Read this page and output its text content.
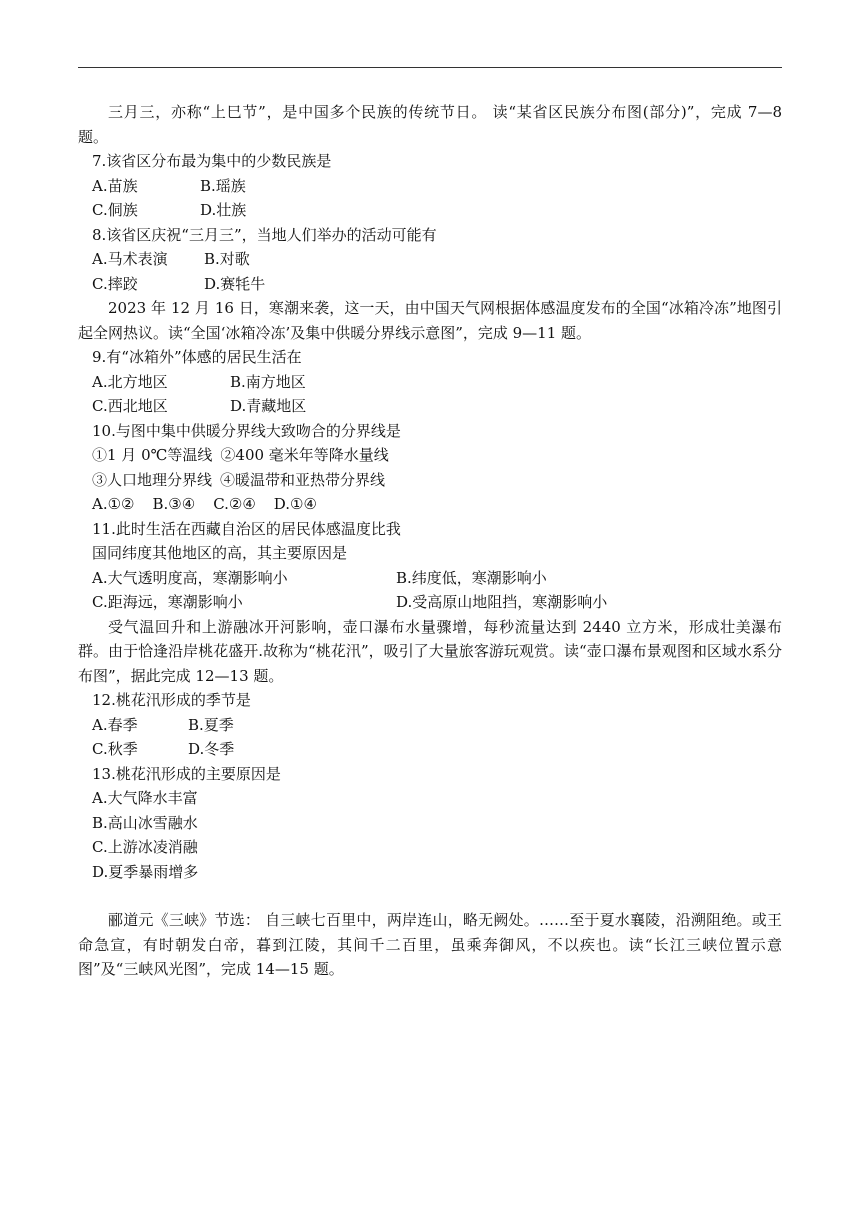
三月三，亦称“上巳节”，是中国多个民族的传统节日。 读“某省区民族分布图(部分)”，完成 7—8 题。
7.该省区分布最为集中的少数民族是
A.苗族	B.瑶族
C.侗族	D.壮族
8.该省区庆祝“三月三”，当地人们举办的活动可能有
A.马术表演	B.对歌
C.摔跤	D.赛牦牛
2023 年 12 月 16 日，寒潮来袭，这一天，由中国天气网根据体感温度发布的全国“冰箱冷冻”地图引起全网热议。读“全国‘冰箱冷冻’及集中供暖分界线示意图”，完成 9—11 题。
9.有“冰箱外”体感的居民生活在
A.北方地区	B.南方地区
C.西北地区	D.青藏地区
10.与图中集中供暖分界线大致吻合的分界线是
①1 月 0℃等温线 ②400 毫米年等降水量线
③人口地理分界线 ④暖温带和亚热带分界线
A.①② B.③④ C.②④ D.①④
11.此时生活在西藏自治区的居民体感温度比我
国同纬度其他地区的高，其主要原因是
A.大气透明度高，寒潮影响小	B.纬度低，寒潮影响小
C.距海远，寒潮影响小	D.受高原山地阻挡，寒潮影响小
受气温回升和上游融冰开河影响，壶口瀑布水量骤增，每秒流量达到 2440 立方米，形成壮美瀑布群。由于恰逢沿岸桃花盛开.故称为“桃花汛”，吸引了大量旅客游玩观赏。读“壶口瀑布景观图和区域水系分布图”，据此完成 12—13 题。
12.桃花汛形成的季节是
A.春季	B.夏季
C.秋季	D.冬季
13.桃花汛形成的主要原因是
A.大气降水丰富
B.高山冰雪融水
C.上游冰凌消融
D.夏季暴雨增多
郦道元《三峡》节选： 自三峡七百里中，两岸连山，略无阙处。……至于夏水襄陵，沿溯阻绝。或王命急宣，有时朝发白帝，暮到江陵，其间千二百里，虽乘奔御风，不以疾也。读“长江三峡位置示意图”及“三峡风光图”，完成 14—15 题。
